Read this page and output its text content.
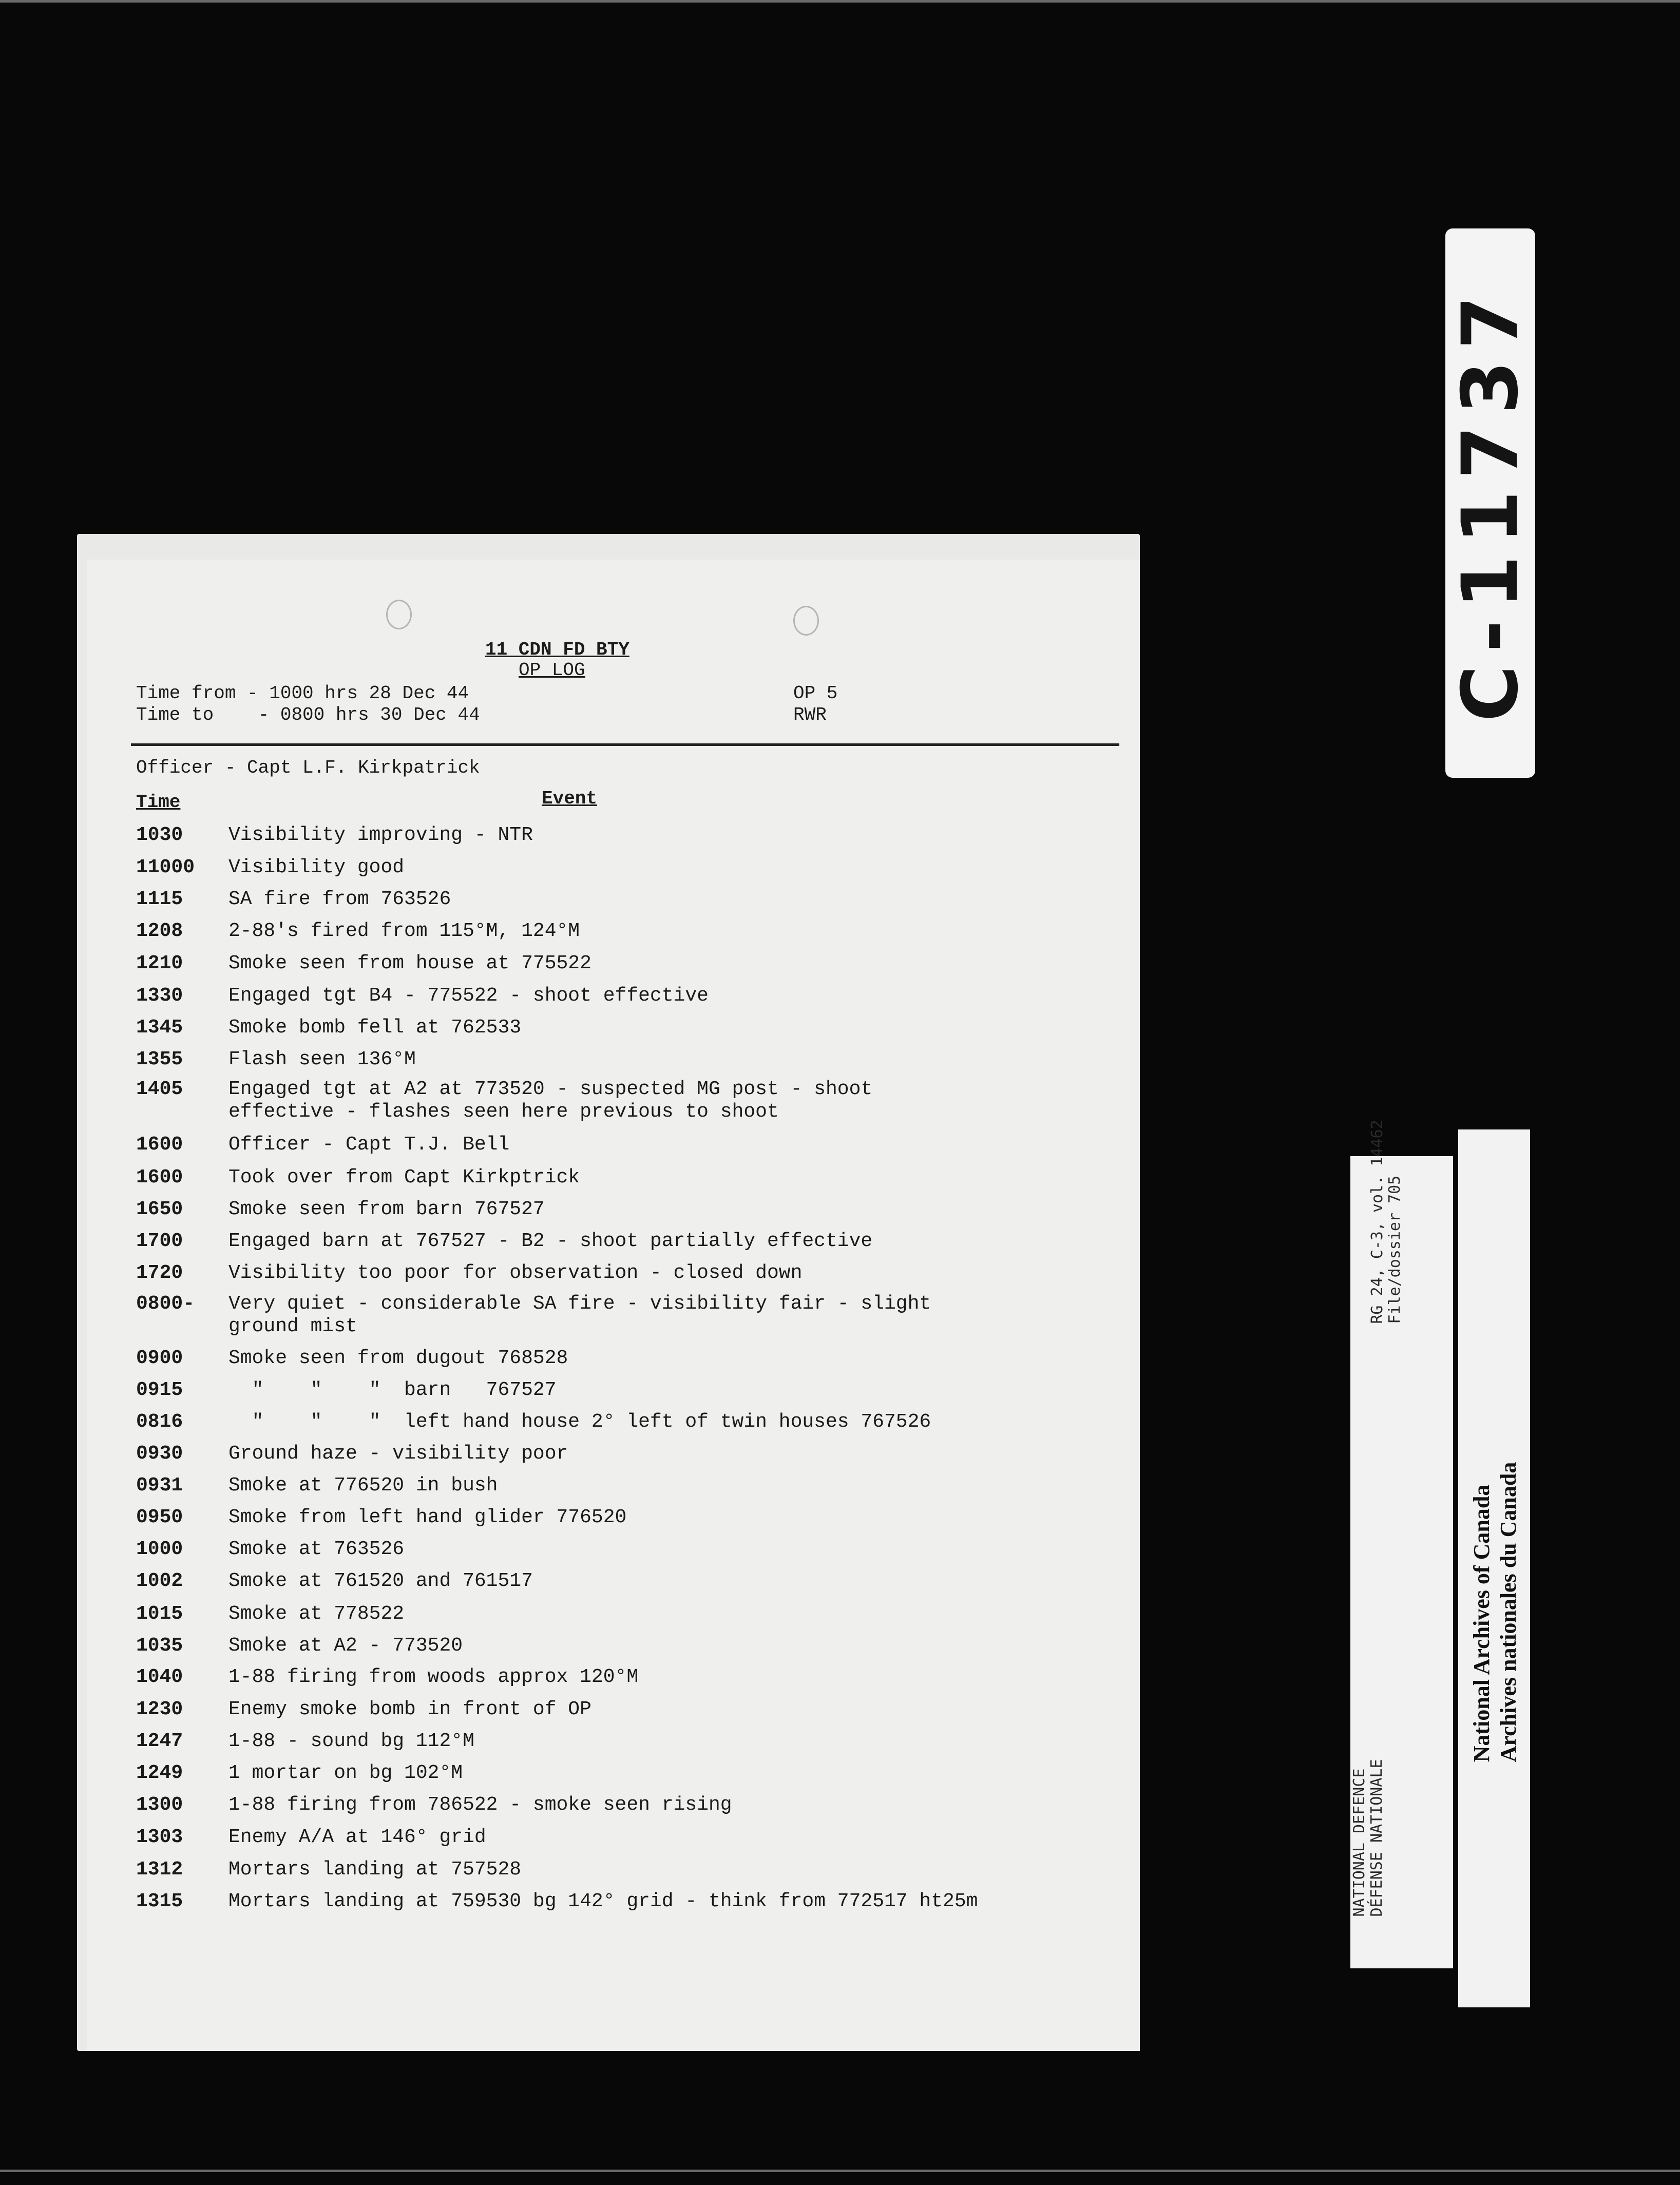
C-11737
RG 24, C-3, vol. 14462 File/dossier 705
NATIONAL DEFENCE DÉFENSE NATIONALE
National Archives of Canada Archives nationales du Canada
11 CDN FD BTY
OP LOG
Time from - 1000 hrs 28 Dec 44
Time to    - 0800 hrs 30 Dec 44
OP 5
RWR
Officer - Capt L.F. Kirkpatrick
Time	Event
1030 Visibility improving - NTR
11000 Visibility good
1115 SA fire from 763526
1208 2-88's fired from 115°M, 124°M
1210 Smoke seen from house at 775522
1330 Engaged tgt B4 - 775522 - shoot effective
1345 Smoke bomb fell at 762533
1355 Flash seen 136°M
1405 Engaged tgt at A2 at 773520 - suspected MG post - shoot
effective - flashes seen here previous to shoot
1600 Officer - Capt T.J. Bell
1600 Took over from Capt Kirkptrick
1650 Smoke seen from barn 767527
1700 Engaged barn at 767527 - B2 - shoot partially effective
1720 Visibility too poor for observation - closed down
0800- Very quiet - considerable SA fire - visibility fair - slight
ground mist
0900 Smoke seen from dugout 768528
0915 "    "    "  barn   767527
0816 "    "    "  left hand house 2° left of twin houses 767526
0930 Ground haze - visibility poor
0931 Smoke at 776520 in bush
0950 Smoke from left hand glider 776520
1000 Smoke at 763526
1002 Smoke at 761520 and 761517
1015 Smoke at 778522
1035 Smoke at A2 - 773520
1040 1-88 firing from woods approx 120°M
1230 Enemy smoke bomb in front of OP
1247 1-88 - sound bg 112°M
1249 1 mortar on bg 102°M
1300 1-88 firing from 786522 - smoke seen rising
1303 Enemy A/A at 146° grid
1312 Mortars landing at 757528
1315 Mortars landing at 759530 bg 142° grid - think from 772517 ht25m
